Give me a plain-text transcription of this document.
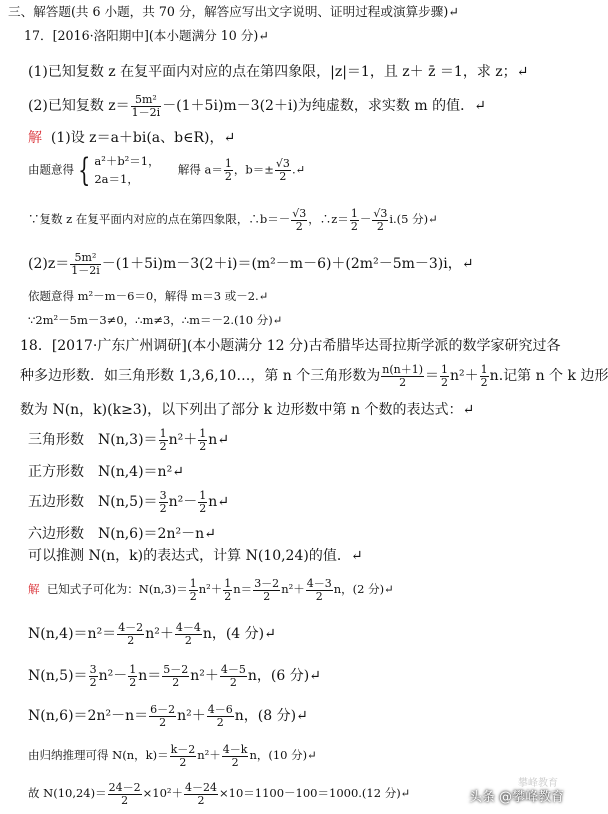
三、解答题(共 6 小题，共 70 分，解答应写出文字说明、证明过程或演算步骤)↵
17．[2016·洛阳期中](本小题满分 10 分)↵
(1)已知复数 z 在复平面内对应的点在第四象限，|z|＝1，且 z＋ z̄ ＝1，求 z；↵
(2)已知复数 $z= \frac{\text{5m²}}{1-2i} -(1+5i)m-3(2+i)$为纯虚数，求实数 m 的值．↵
解 (1)设 z＝a＋bi(a、b∈R)，↵
由题意得 { a²＋b²＝1，
2a＝1，
解得 $a= \frac{1}{2}$ ，$b=\pm \frac{√3}{2}$ .↵
∵复数 z 在复平面内对应的点在第四象限，∴b＝－ $\frac{√3}{2}$ ，∴z＝ $\frac{1}{2} - \frac{√3}{2} i.(5$ 分)↵
$(2)z= \frac{\text{5m²}}{1-2i} -(1+5i)m-3(2+i)=(m^2-m-6)+(2m^2-5m-3)i$，↵
依题意得 m²－m－6＝0，解得 m＝3 或－2.↵
∵2m²－5m－3≠0，∴m≠3，∴m＝－2.(10 分)↵
18．[2017·广东广州调研](本小题满分 12 分)古希腊毕达哥拉斯学派的数学家研究过各
种多边形数．如三角形数 1,3,6,10…，第 n 个三角形数为 $\frac{n(n+1)}{2} = \frac{1}{2} n^2+ \frac{1}{2} n$.记第 n 个 k 边形
数为 N(n，k)(k≥3)，以下列出了部分 k 边形数中第 n 个数的表达式：↵
三角形数　$N(n,3)= \frac{1}{2} n^2+ \frac{1}{2}$ n↵
正方形数　N(n,4)＝n²↵
五边形数　$N(n,5)= \frac{3}{2} n^2- \frac{1}{2}$ n↵
六边形数　N(n,6)＝2n²－n↵
可以推测 N(n，k)的表达式，计算 N(10,24)的值．↵
解 已知式子可化为：$N(n,3)= \frac{1}{2} n^2+ \frac{1}{2} n= \frac{3-2}{2} n^2+ \frac{4-3}{2}$ n，(2 分)↵
$N(n,4)=n^2= \frac{4-2}{2} n^2+ \frac{4-4}{2}$ n，(4 分)↵
$N(n,5)= \frac{3}{2} n^2- \frac{1}{2} n= \frac{5-2}{2} n^2+ \frac{4-5}{2}$ n，(6 分)↵
$N(n,6)=2n^2-n= \frac{6-2}{2} n^2+ \frac{4-6}{2}$ n，(8 分)↵
由归纳推理可得 N(n，$k)= \frac{k-2}{2} n^2+ \frac{4-k}{2}$ n，(10 分)↵
故 $N(10,24)= \frac{24-2}{2} \times 10^2+ \frac{4-24}{2} \times 10=1100-100=1000.(12$ 分)↵
攀峰教育
头条 @攀峰教育
